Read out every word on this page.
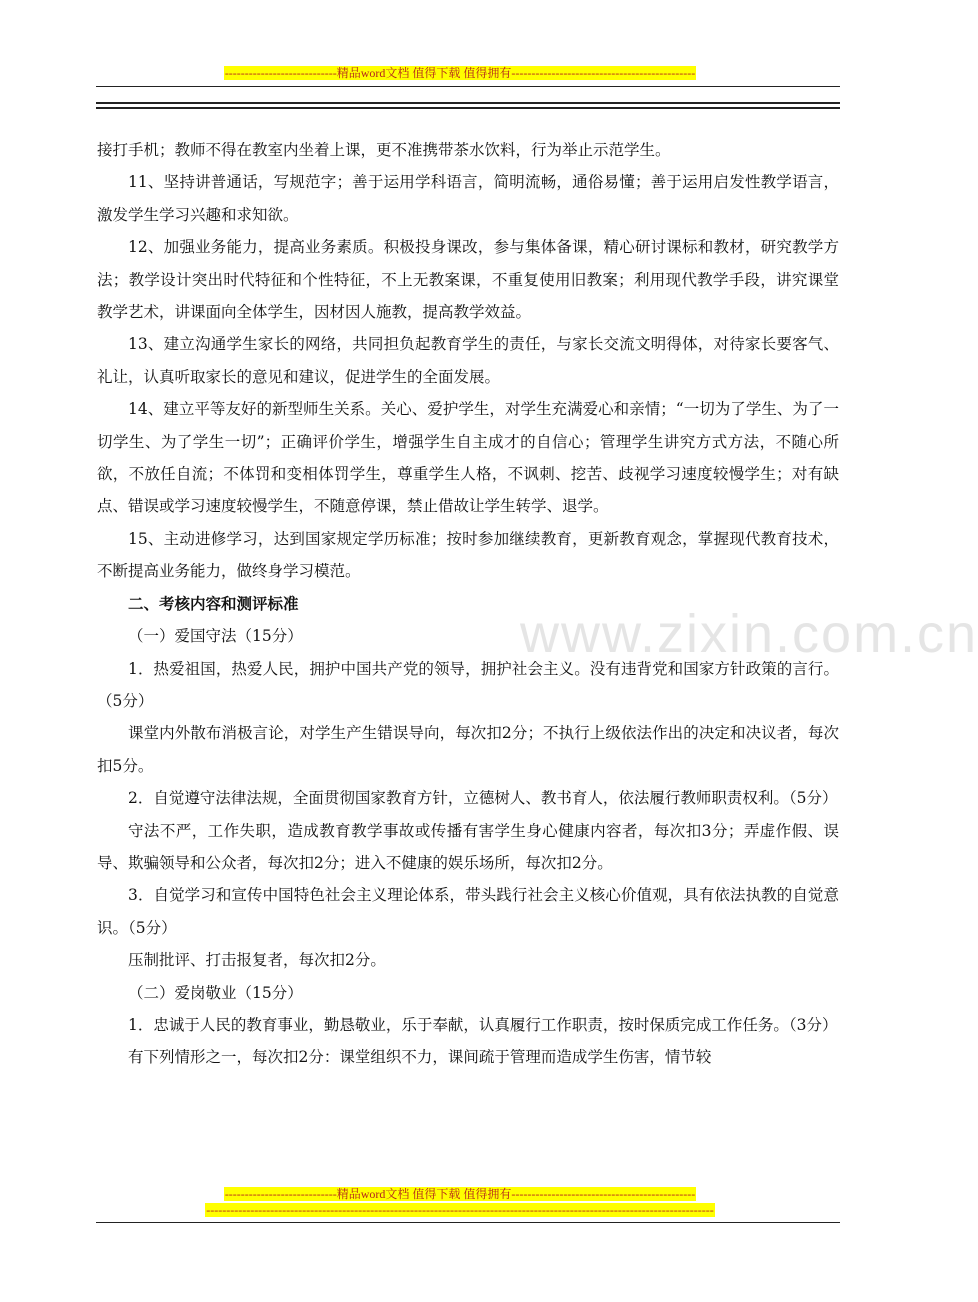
----------------------------精品word文档 值得下载 值得拥有----------------------------------------------
www.zixin.com.cn

接打手机；教师不得在教室内坐着上课，更不准携带茶水饮料，行为举止示范学生。

11、坚持讲普通话，写规范字；善于运用学科语言，简明流畅，通俗易懂；善于运用启发性教学语言，激发学生学习兴趣和求知欲。

12、加强业务能力，提高业务素质。积极投身课改，参与集体备课，精心研讨课标和教材，研究教学方法；教学设计突出时代特征和个性特征，不上无教案课，不重复使用旧教案；利用现代教学手段，讲究课堂教学艺术，讲课面向全体学生，因材因人施教，提高教学效益。

13、建立沟通学生家长的网络，共同担负起教育学生的责任，与家长交流文明得体，对待家长要客气、礼让，认真听取家长的意见和建议，促进学生的全面发展。

14、建立平等友好的新型师生关系。关心、爱护学生，对学生充满爱心和亲情；“一切为了学生、为了一切学生、为了学生一切”；正确评价学生，增强学生自主成才的自信心；管理学生讲究方式方法，不随心所欲，不放任自流；不体罚和变相体罚学生，尊重学生人格，不讽刺、挖苦、歧视学习速度较慢学生；对有缺点、错误或学习速度较慢学生，不随意停课，禁止借故让学生转学、退学。

15、主动进修学习，达到国家规定学历标准；按时参加继续教育，更新教育观念，掌握现代教育技术，不断提高业务能力，做终身学习模范。

二、考核内容和测评标准

（一）爱国守法（15分）

1．热爱祖国，热爱人民，拥护中国共产党的领导，拥护社会主义。没有违背党和国家方针政策的言行。（5分）

课堂内外散布消极言论，对学生产生错误导向，每次扣2分；不执行上级依法作出的决定和决议者，每次扣5分。

2．自觉遵守法律法规，全面贯彻国家教育方针，立德树人、教书育人，依法履行教师职责权利。（5分）

守法不严，工作失职，造成教育教学事故或传播有害学生身心健康内容者，每次扣3分；弄虚作假、误导、欺骗领导和公众者，每次扣2分；进入不健康的娱乐场所，每次扣2分。

3．自觉学习和宣传中国特色社会主义理论体系，带头践行社会主义核心价值观，具有依法执教的自觉意识。（5分）

压制批评、打击报复者，每次扣2分。

（二）爱岗敬业（15分）

1．忠诚于人民的教育事业，勤恳敬业，乐于奉献，认真履行工作职责，按时保质完成工作任务。（3分）

有下列情形之一，每次扣2分：课堂组织不力，课间疏于管理而造成学生伤害，情节较

----------------------------精品word文档 值得下载 值得拥有----------------------------------------------
-------------------------------------------------------------------------------------------------------------------------------
